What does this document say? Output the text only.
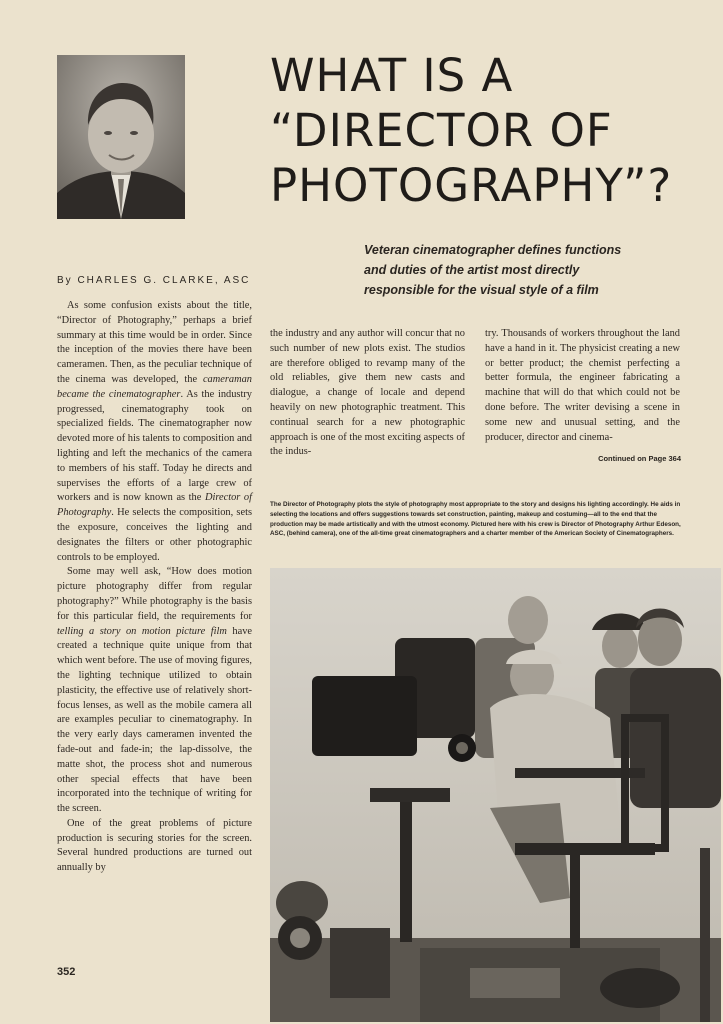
WHAT IS A
“DIRECTOR OF
PHOTOGRAPHY”?
Veteran cinematographer defines functions
and duties of the artist most directly
responsible for the visual style of a film
By CHARLES G. CLARKE, ASC

As some confusion exists about the title, “Director of Photography,” perhaps a brief summary at this time would be in order. Since the inception of the movies there have been cameramen. Then, as the peculiar technique of the cinema was developed, the cameraman became the cinematographer. As the industry progressed, cinematography took on specialized fields. The cinematographer now devoted more of his talents to composition and lighting and left the mechanics of the camera to members of his staff. Today he directs and supervises the efforts of a large crew of workers and is now known as the Director of Photography. He selects the composition, sets the exposure, conceives the lighting and designates the filters or other photographic controls to be employed.

Some may well ask, “How does motion picture photography differ from regular photography?” While photography is the basis for this particular field, the requirements for telling a story on motion picture film have created a technique quite unique from that which went before. The use of moving figures, the lighting technique utilized to obtain plasticity, the effective use of relatively short-focus lenses, as well as the mobile camera all are examples peculiar to cinematography. In the very early days cameramen invented the fade-out and fade-in; the lap-dissolve, the matte shot, the process shot and numerous other special effects that have been incorporated into the technique of writing for the screen.

One of the great problems of picture production is securing stories for the screen. Several hundred productions are turned out annually by

the industry and any author will concur that no such number of new plots exist. The studios are therefore obliged to revamp many of the old reliables, give them new casts and dialogue, a change of locale and depend heavily on new photographic treatment. This continual search for a new photographic approach is one of the most exciting aspects of the indus-

try. Thousands of workers throughout the land have a hand in it. The physicist creating a new or better product; the chemist perfecting a better formula, the engineer fabricating a machine that will do that which could not be done before. The writer devising a scene in some new and unusual setting, and the producer, director and cinema-

Continued on Page 364
The Director of Photography plots the style of photography most appropriate to the story and designs his lighting accordingly. He aids in selecting the locations and offers suggestions towards set construction, painting, makeup and costuming—all to the end that the production may be made artistically and with the utmost economy. Pictured here with his crew is Director of Photography Arthur Edeson, ASC, (behind camera), one of the all-time great cinematographers and a charter member of the American Society of Cinematographers.
352
